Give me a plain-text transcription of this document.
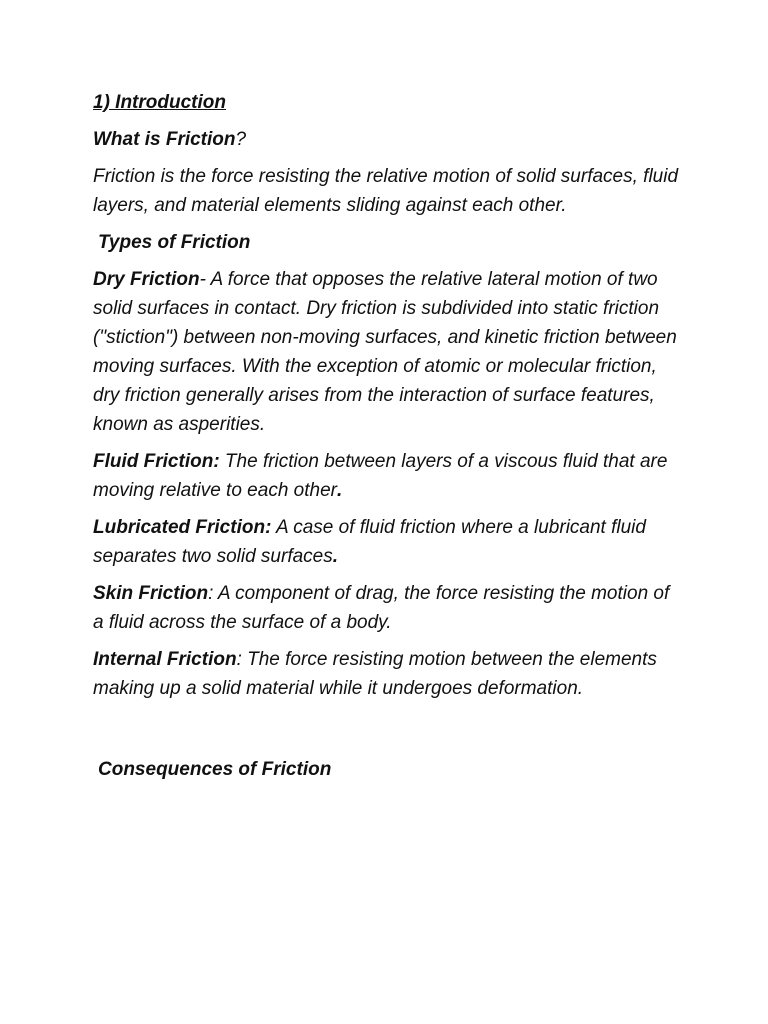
1) Introduction
What is Friction?
Friction is the force resisting the relative motion of solid surfaces, fluid layers, and material elements sliding against each other.
Types of Friction
Dry Friction- A force that opposes the relative lateral motion of two solid surfaces in contact. Dry friction is subdivided into static friction ("stiction") between non-moving surfaces, and kinetic friction between moving surfaces. With the exception of atomic or molecular friction, dry friction generally arises from the interaction of surface features, known as asperities.
Fluid Friction: The friction between layers of a viscous fluid that are moving relative to each other.
Lubricated Friction: A case of fluid friction where a lubricant fluid separates two solid surfaces.
Skin Friction: A component of drag, the force resisting the motion of a fluid across the surface of a body.
Internal Friction: The force resisting motion between the elements making up a solid material while it undergoes deformation.
Consequences of Friction
